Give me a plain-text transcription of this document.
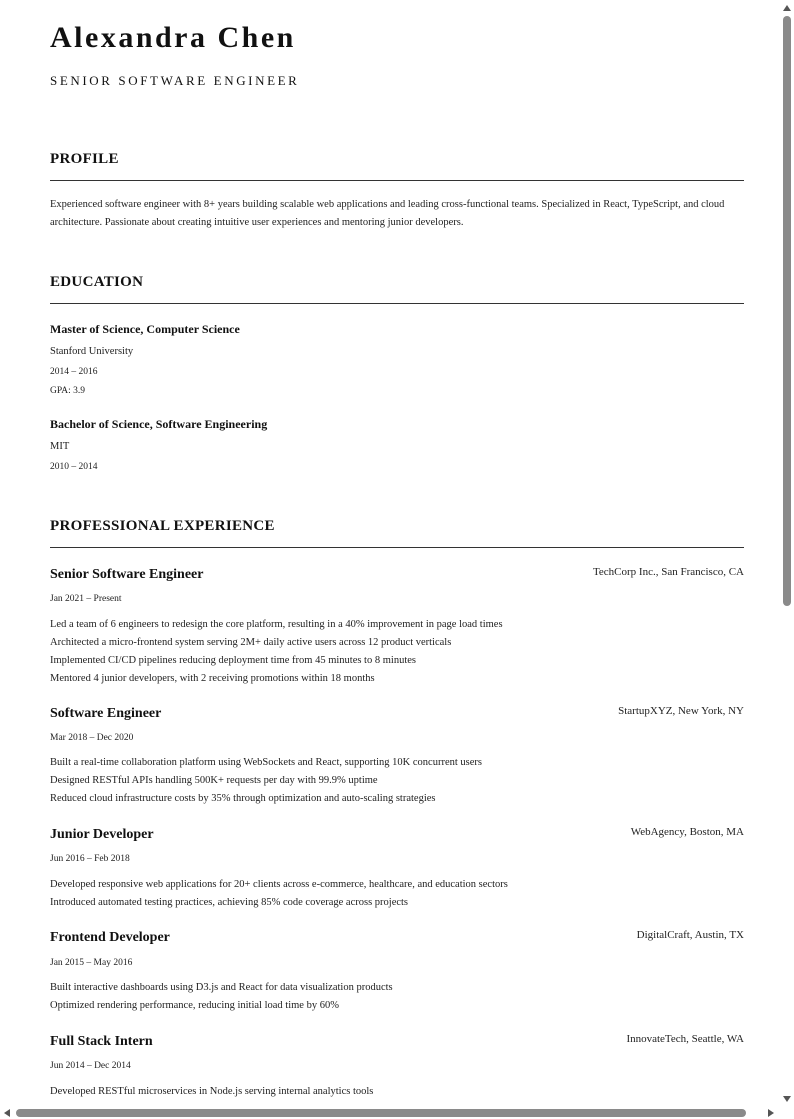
Alexandra Chen
SENIOR SOFTWARE ENGINEER
PROFILE
Experienced software engineer with 8+ years building scalable web applications and leading cross-functional teams. Specialized in React, TypeScript, and cloud architecture. Passionate about creating intuitive user experiences and mentoring junior developers.
EDUCATION
Master of Science, Computer Science
Stanford University
2014 – 2016
GPA: 3.9
Bachelor of Science, Software Engineering
MIT
2010 – 2014
PROFESSIONAL EXPERIENCE
Senior Software Engineer	TechCorp Inc., San Francisco, CA
Jan 2021 – Present
Led a team of 6 engineers to redesign the core platform, resulting in a 40% improvement in page load times
Architected a micro-frontend system serving 2M+ daily active users across 12 product verticals
Implemented CI/CD pipelines reducing deployment time from 45 minutes to 8 minutes
Mentored 4 junior developers, with 2 receiving promotions within 18 months
Software Engineer	StartupXYZ, New York, NY
Mar 2018 – Dec 2020
Built a real-time collaboration platform using WebSockets and React, supporting 10K concurrent users
Designed RESTful APIs handling 500K+ requests per day with 99.9% uptime
Reduced cloud infrastructure costs by 35% through optimization and auto-scaling strategies
Junior Developer	WebAgency, Boston, MA
Jun 2016 – Feb 2018
Developed responsive web applications for 20+ clients across e-commerce, healthcare, and education sectors
Introduced automated testing practices, achieving 85% code coverage across projects
Frontend Developer	DigitalCraft, Austin, TX
Jan 2015 – May 2016
Built interactive dashboards using D3.js and React for data visualization products
Optimized rendering performance, reducing initial load time by 60%
Full Stack Intern	InnovateTech, Seattle, WA
Jun 2014 – Dec 2014
Developed RESTful microservices in Node.js serving internal analytics tools
